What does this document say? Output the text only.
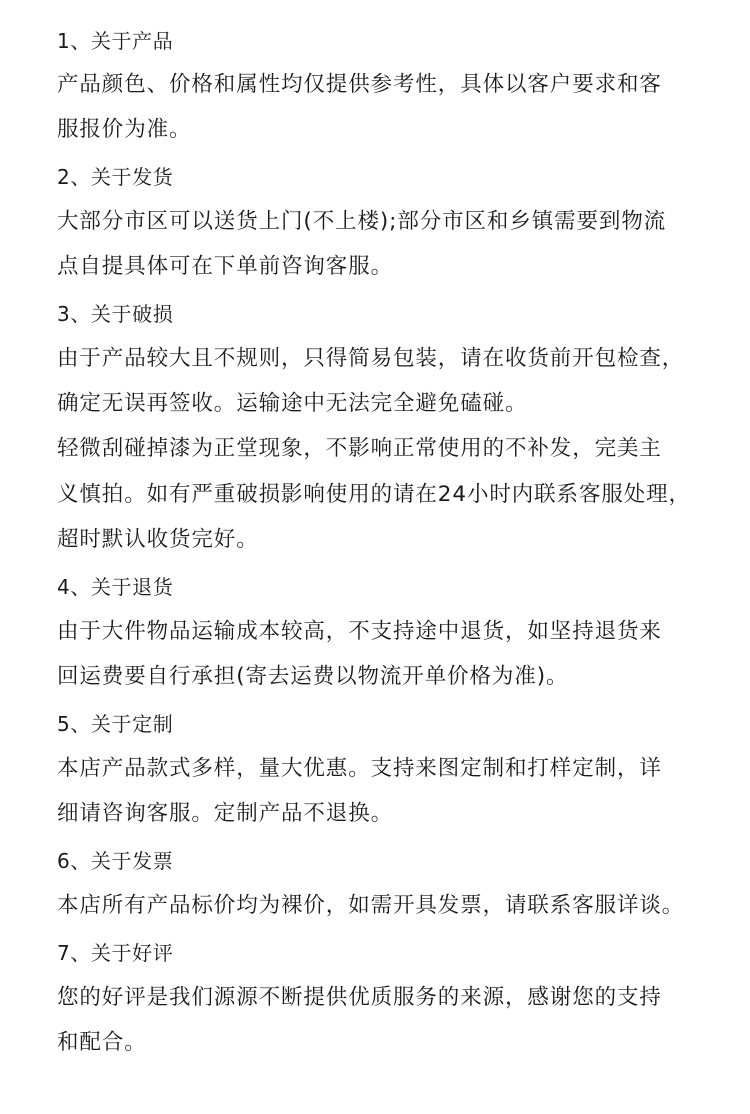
1、关于产品
产品颜色、价格和属性均仅提供参考性，具体以客户要求和客
服报价为准。
2、关于发货
大部分市区可以送货上门(不上楼);部分市区和乡镇需要到物流
点自提具体可在下单前咨询客服。
3、关于破损
由于产品较大且不规则，只得简易包装，请在收货前开包检查，
确定无误再签收。运输途中无法完全避免磕碰。
轻微刮碰掉漆为正堂现象，不影响正常使用的不补发，完美主
义慎拍。如有严重破损影响使用的请在24小时内联系客服处理，
超时默认收货完好。
4、关于退货
由于大件物品运输成本较高，不支持途中退货，如坚持退货来
回运费要自行承担(寄去运费以物流开单价格为准)。
5、关于定制
本店产品款式多样，量大优惠。支持来图定制和打样定制，详
细请咨询客服。定制产品不退换。
6、关于发票
本店所有产品标价均为裸价，如需开具发票，请联系客服详谈。
7、关于好评
您的好评是我们源源不断提供优质服务的来源，感谢您的支持
和配合。
